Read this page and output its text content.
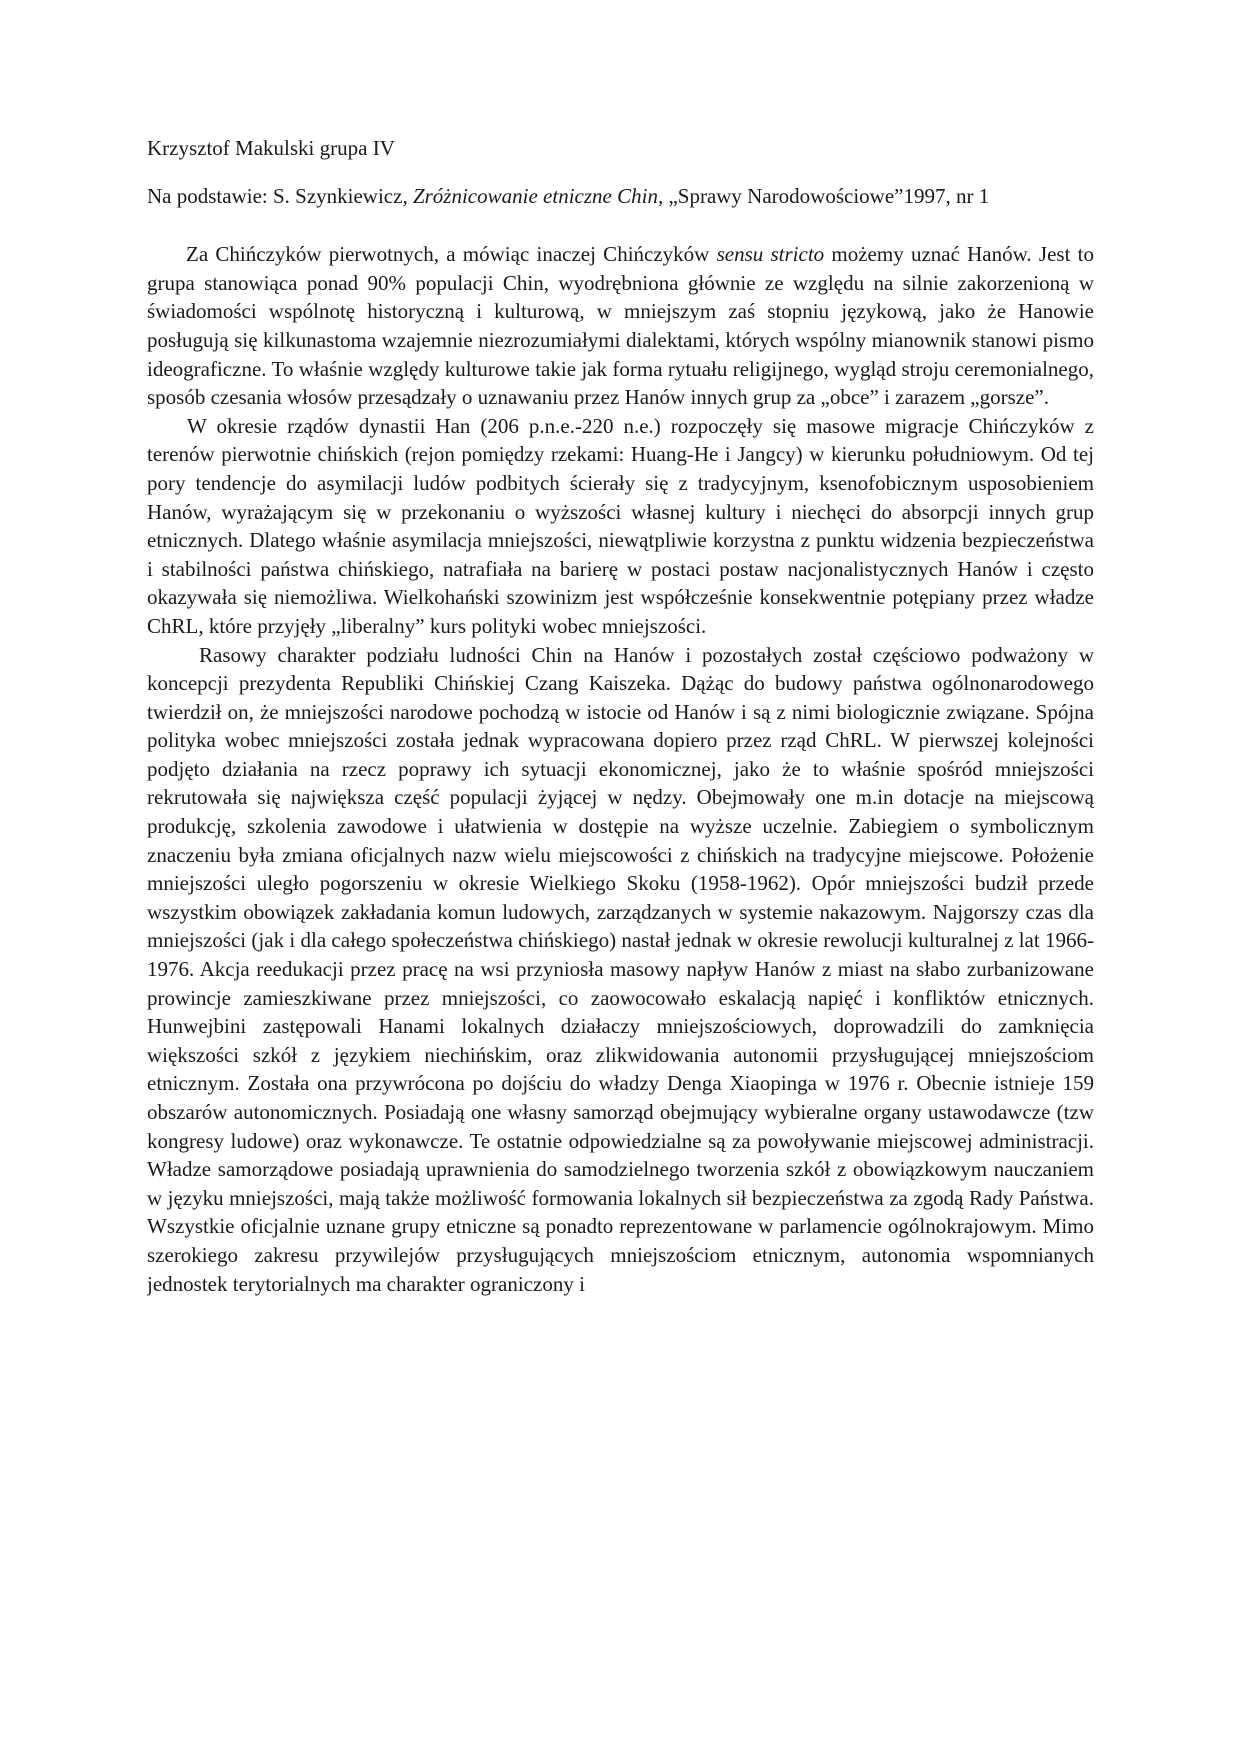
Krzysztof Makulski grupa IV

Na podstawie: S. Szynkiewicz, Zróżnicowanie etniczne Chin, „Sprawy Narodowościowe”1997, nr 1

Za Chińczyków pierwotnych, a mówiąc inaczej Chińczyków sensu stricto możemy uznać Hanów. Jest to grupa stanowiąca ponad 90% populacji Chin, wyodrębniona głównie ze względu na silnie zakorzenioną w świadomości wspólnotę historyczną i kulturową, w mniejszym zaś stopniu językową, jako że Hanowie posługują się kilkunastoma wzajemnie niezrozumiałymi dialektami, których wspólny mianownik stanowi pismo ideograficzne. To właśnie względy kulturowe takie jak forma rytuału religijnego, wygląd stroju ceremonialnego, sposób czesania włosów przesądzały o uznawaniu przez Hanów innych grup za „obce” i zarazem „gorsze”.

W okresie rządów dynastii Han (206 p.n.e.-220 n.e.) rozpoczęły się masowe migracje Chińczyków z terenów pierwotnie chińskich (rejon pomiędzy rzekami: Huang-He i Jangcy) w kierunku południowym. Od tej pory tendencje do asymilacji ludów podbitych ścierały się z tradycyjnym, ksenofobicznym usposobieniem Hanów, wyrażającym się w przekonaniu o wyższości własnej kultury i niechęci do absorpcji innych grup etnicznych. Dlatego właśnie asymilacja mniejszości, niewątpliwie korzystna z punktu widzenia bezpieczeństwa i stabilności państwa chińskiego, natrafiała na barierę w postaci postaw nacjonalistycznych Hanów i często okazywała się niemożliwa. Wielkohański szowinizm jest współcześnie konsekwentnie potępiany przez władze ChRL, które przyjęły „liberalny” kurs polityki wobec mniejszości.

Rasowy charakter podziału ludności Chin na Hanów i pozostałych został częściowo podważony w koncepcji prezydenta Republiki Chińskiej Czang Kaiszeka. Dążąc do budowy państwa ogólnonarodowego twierdził on, że mniejszości narodowe pochodzą w istocie od Hanów i są z nimi biologicznie związane. Spójna polityka wobec mniejszości została jednak wypracowana dopiero przez rząd ChRL. W pierwszej kolejności podjęto działania na rzecz poprawy ich sytuacji ekonomicznej, jako że to właśnie spośród mniejszości rekrutowała się największa część populacji żyjącej w nędzy. Obejmowały one m.in dotacje na miejscową produkcję, szkolenia zawodowe i ułatwienia w dostępie na wyższe uczelnie. Zabiegiem o symbolicznym znaczeniu była zmiana oficjalnych nazw wielu miejscowości z chińskich na tradycyjne miejscowe. Położenie mniejszości uległo pogorszeniu w okresie Wielkiego Skoku (1958-1962). Opór mniejszości budził przede wszystkim obowiązek zakładania komun ludowych, zarządzanych w systemie nakazowym. Najgorszy czas dla mniejszości (jak i dla całego społeczeństwa chińskiego) nastał jednak w okresie rewolucji kulturalnej z lat 1966-1976. Akcja reedukacji przez pracę na wsi przyniosła masowy napływ Hanów z miast na słabo zurbanizowane prowincje zamieszkiwane przez mniejszości, co zaowocowało eskalacją napięć i konfliktów etnicznych. Hunwejbini zastępowali Hanami lokalnych działaczy mniejszościowych, doprowadzili do zamknięcia większości szkół z językiem niechińskim, oraz zlikwidowania autonomii przysługującej mniejszościom etnicznym. Została ona przywrócona po dojściu do władzy Denga Xiaopinga w 1976 r. Obecnie istnieje 159 obszarów autonomicznych. Posiadają one własny samorząd obejmujący wybieralne organy ustawodawcze (tzw kongresy ludowe) oraz wykonawcze. Te ostatnie odpowiedzialne są za powoływanie miejscowej administracji. Władze samorządowe posiadają uprawnienia do samodzielnego tworzenia szkół z obowiązkowym nauczaniem w języku mniejszości, mają także możliwość formowania lokalnych sił bezpieczeństwa za zgodą Rady Państwa. Wszystkie oficjalnie uznane grupy etniczne są ponadto reprezentowane w parlamencie ogólnokrajowym. Mimo szerokiego zakresu przywilejów przysługujących mniejszościom etnicznym, autonomia wspomnianych jednostek terytorialnych ma charakter ograniczony i
